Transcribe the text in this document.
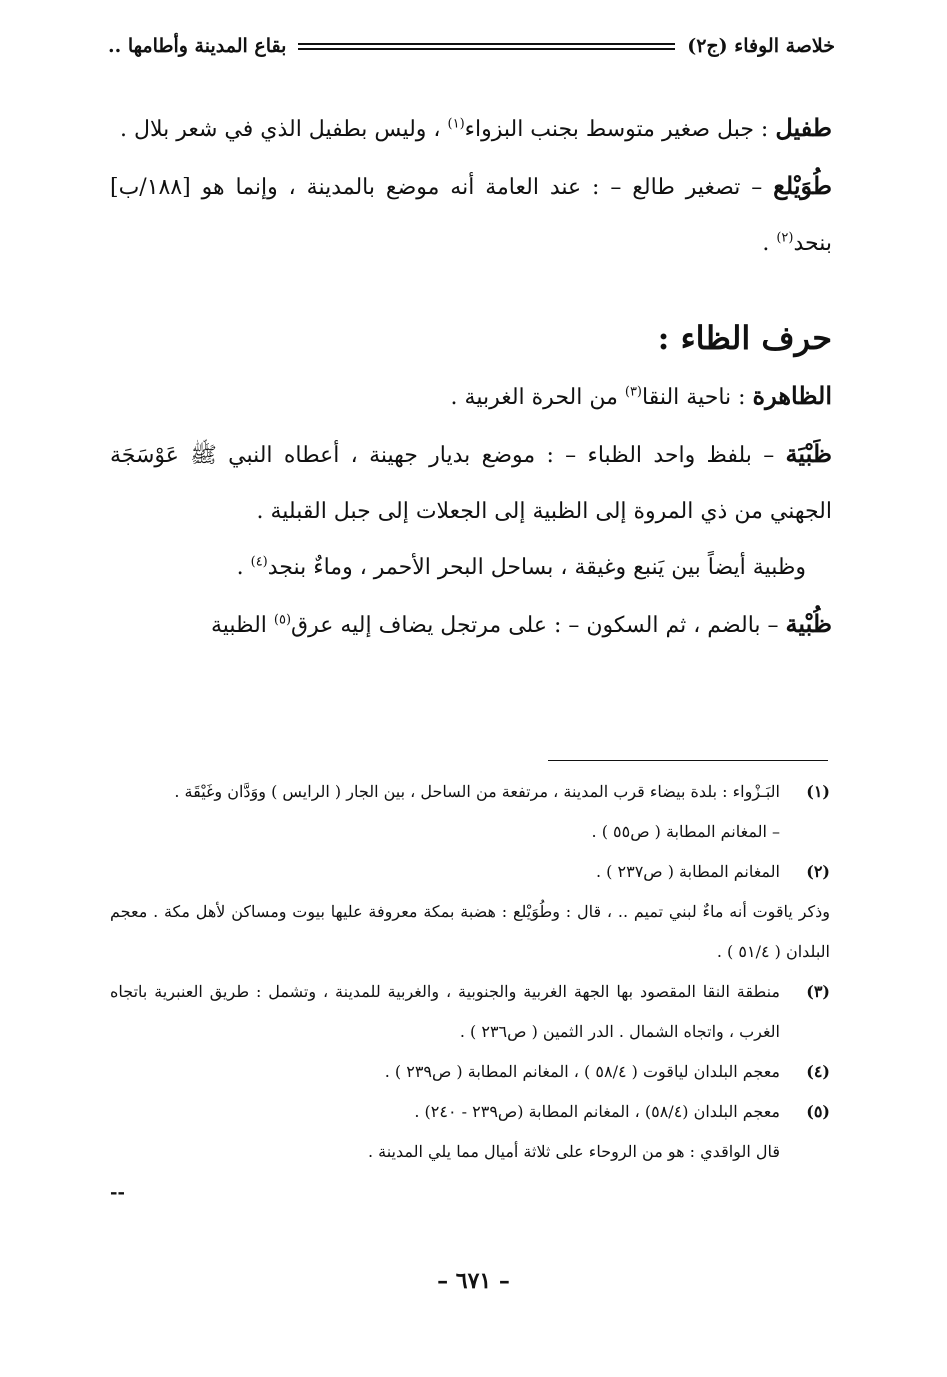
خلاصة الوفاء (ج٢)
بقاع المدينة وأطامها ..

طفيل : جبل صغير متوسط بجنب البزواء$^{(١)}$ ، وليس بطفيل الذي في شعر بلال .

طُوَيْلع – تصغير طالع – : عند العامة أنه موضع بالمدينة ، وإنما هو [١٨٨/ب] بنحد$^{(٢)}$ .

حرف الظاء :

الظاهرة : ناحية النقا$^{(٣)}$ من الحرة الغربية .

ظَبْيَة – بلفظ واحد الظباء – : موضع بديار جهينة ، أعطاه النبي ﷺ عَوْسَجَة الجهني من ذي المروة إلى الظبية إلى الجعلات إلى جبل القبلية .

وظبية أيضاً بين يَنبع وغيقة ، بساحل البحر الأحمر ، وماءٌ بنجد$^{(٤)}$ .

ظُبْية – بالضم ، ثم السكون – : على مرتجل يضاف إليه عرق$^{(٥)}$ الظبية

(١)
البَـزْواء : بلدة بيضاء قرب المدينة ، مرتفعة من الساحل ، بين الجار ( الرايس ) ووَدَّان وغَيْقَة .
– المغانم المطابة ( ص٥٥ ) .
(٢)
المغانم المطابة ( ص٢٣٧ ) .
وذكر ياقوت أنه ماءٌ لبني تميم .. ، قال : وطُوَيْلع : هضبة بمكة معروفة عليها بيوت ومساكن لأهل مكة . معجم البلدان ( ٥١/٤ ) .
(٣)
منطقة النقا المقصود بها الجهة الغربية والجنوبية ، والغربية للمدينة ، وتشمل : طريق العنبرية باتجاه الغرب ، واتجاه الشمال . الدر الثمين ( ص٢٣٦ ) .
(٤)
معجم البلدان لياقوت ( ٥٨/٤ ) ، المغانم المطابة ( ص٢٣٩ ) .
(٥)
معجم البلدان (٥٨/٤) ، المغانم المطابة (ص٢٣٩ - ٢٤٠) .
قال الواقدي : هو من الروحاء على ثلاثة أميال مما يلي المدينة .
--
– ٦٧١ –
